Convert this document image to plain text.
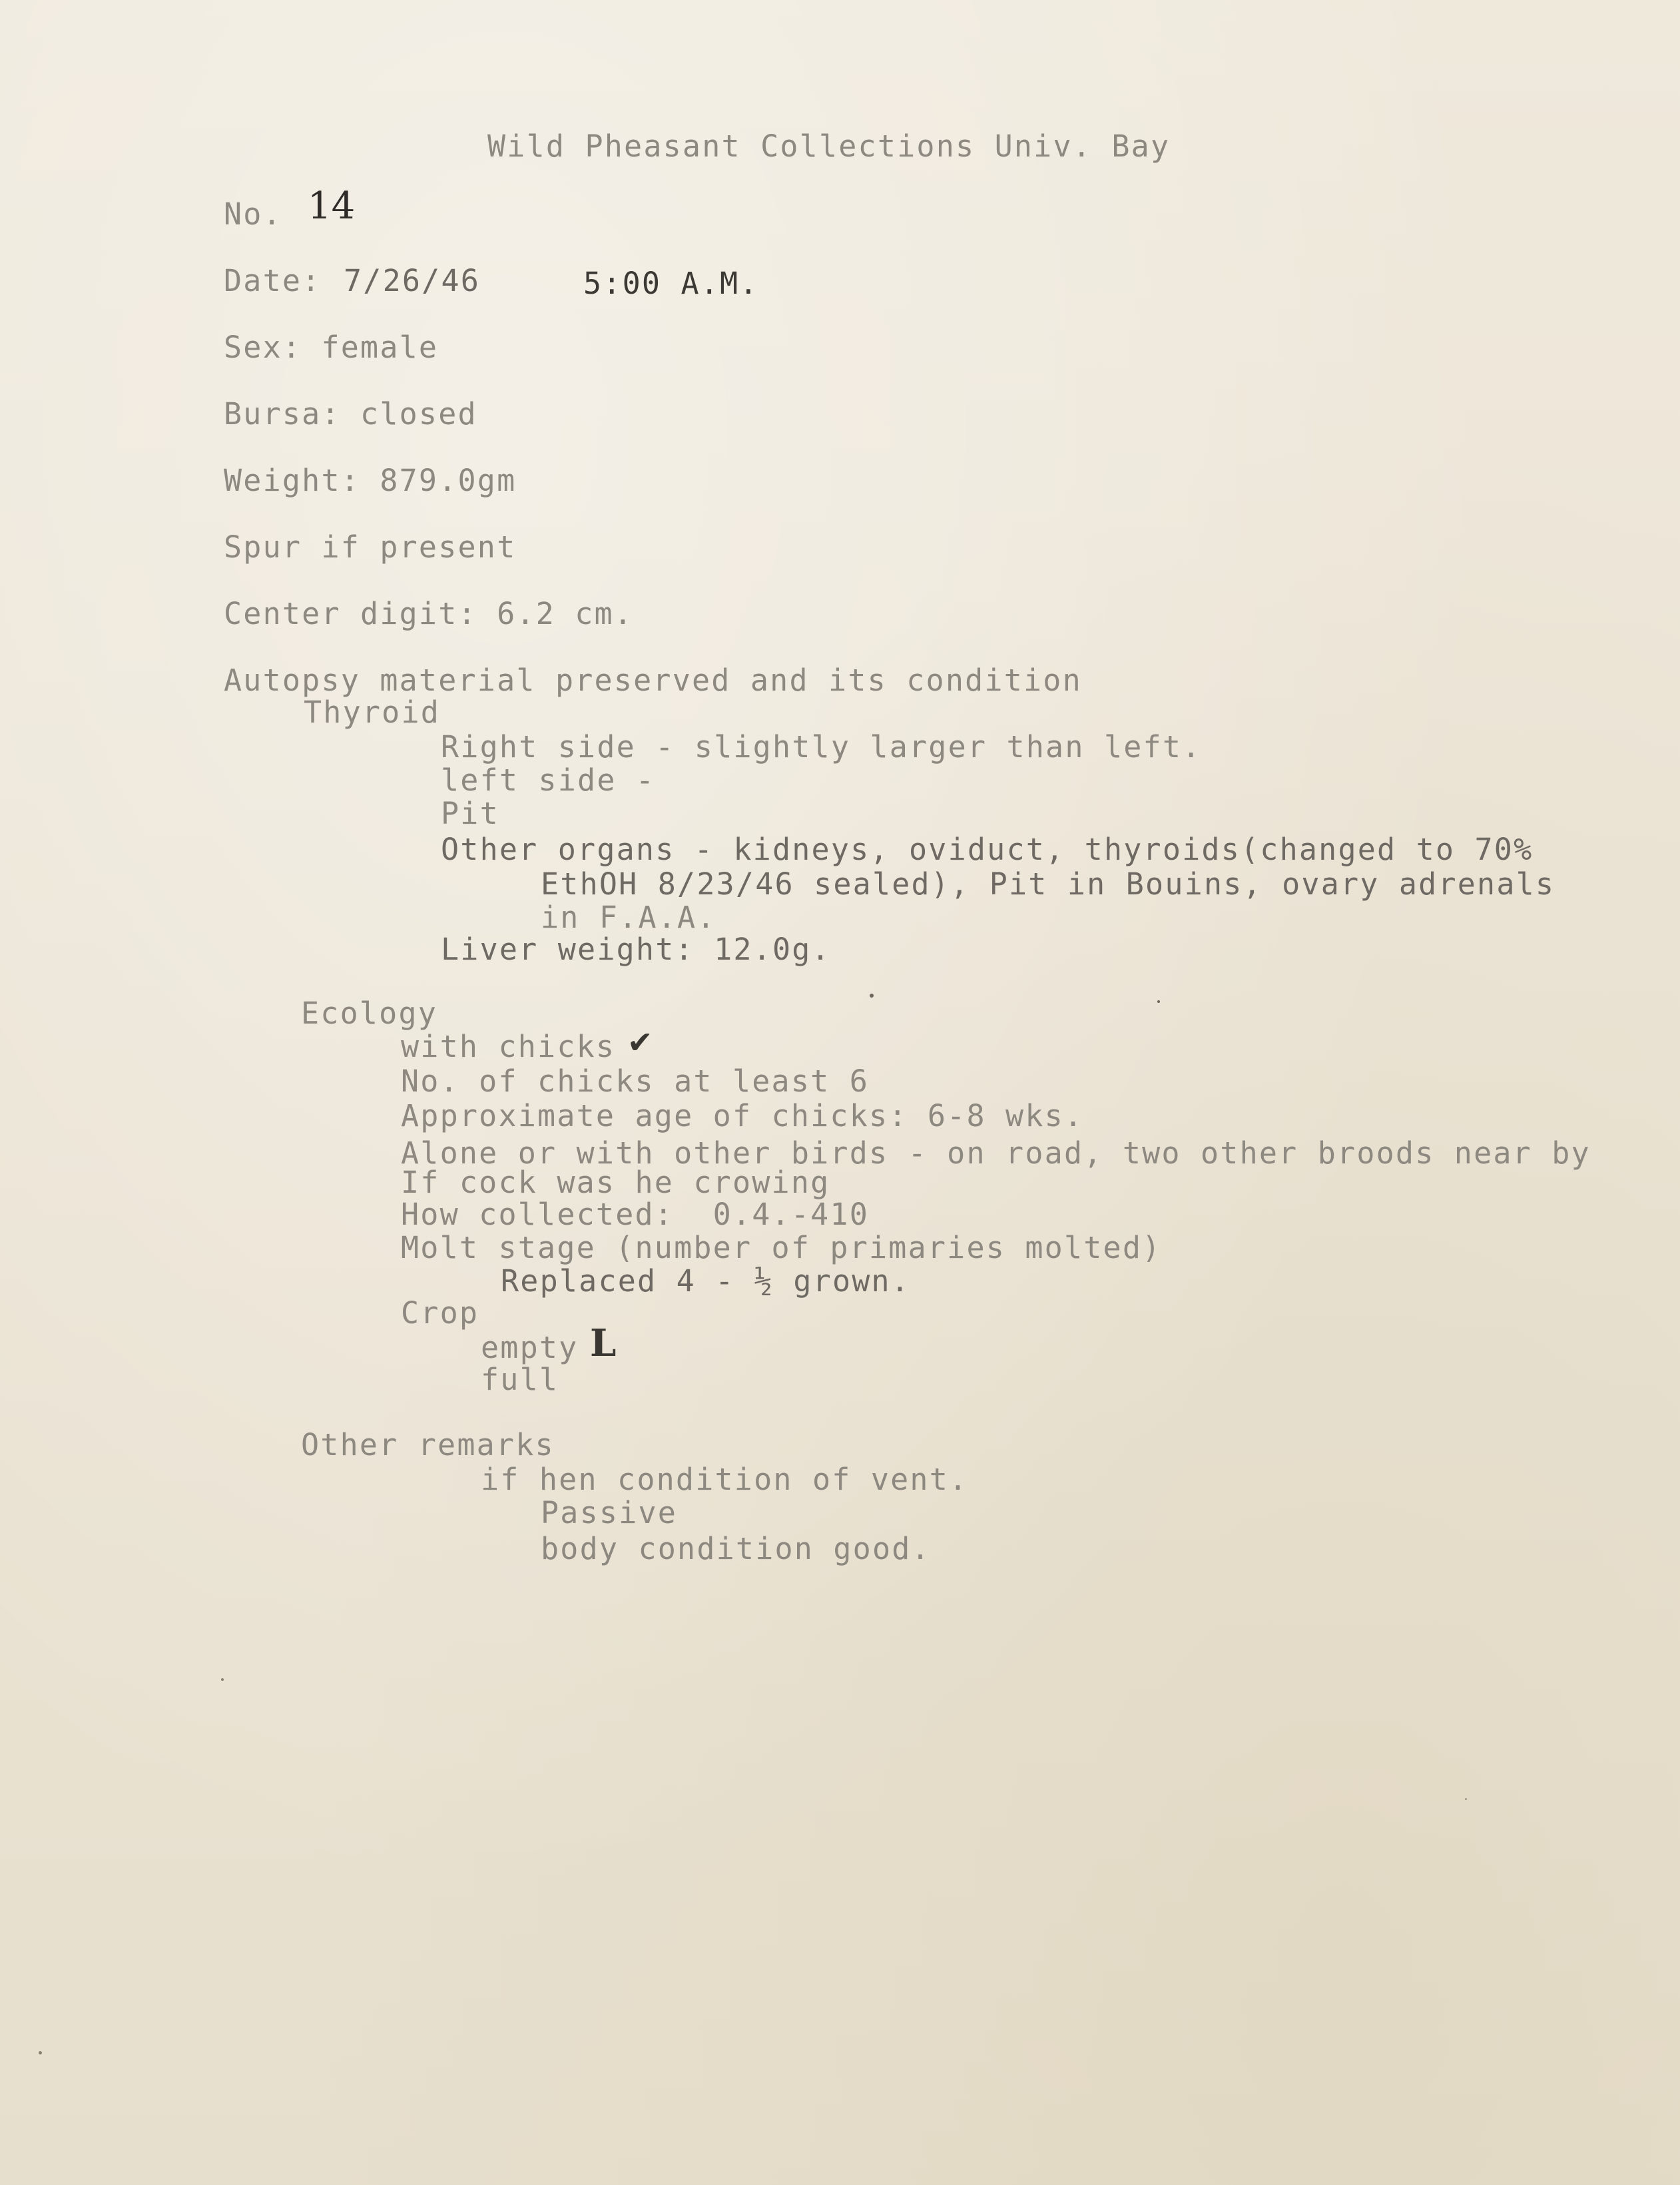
Wild Pheasant Collections Univ. Bay
No. 14
Date: 7/26/46	5:00 A.M.
Sex: female
Bursa: closed
Weight: 879.0gm
Spur if present
Center digit: 6.2 cm.
Autopsy material preserved and its condition
Thyroid
Right side - slightly larger than left.
left side -
Pit
Other organs - kidneys, oviduct, thyroids(changed to 70%
EthOH 8/23/46 sealed), Pit in Bouins, ovary adrenals
in F.A.A.
Liver weight: 12.0g.
Ecology
with chicks ✔
No. of chicks at least 6
Approximate age of chicks: 6-8 wks.
Alone or with other birds - on road, two other broods near by
If cock was he crowing
How collected:  0.4.-410
Molt stage (number of primaries molted)
Replaced 4 - ½ grown.
Crop
empty L
full
Other remarks
if hen condition of vent.
Passive
body condition good.
